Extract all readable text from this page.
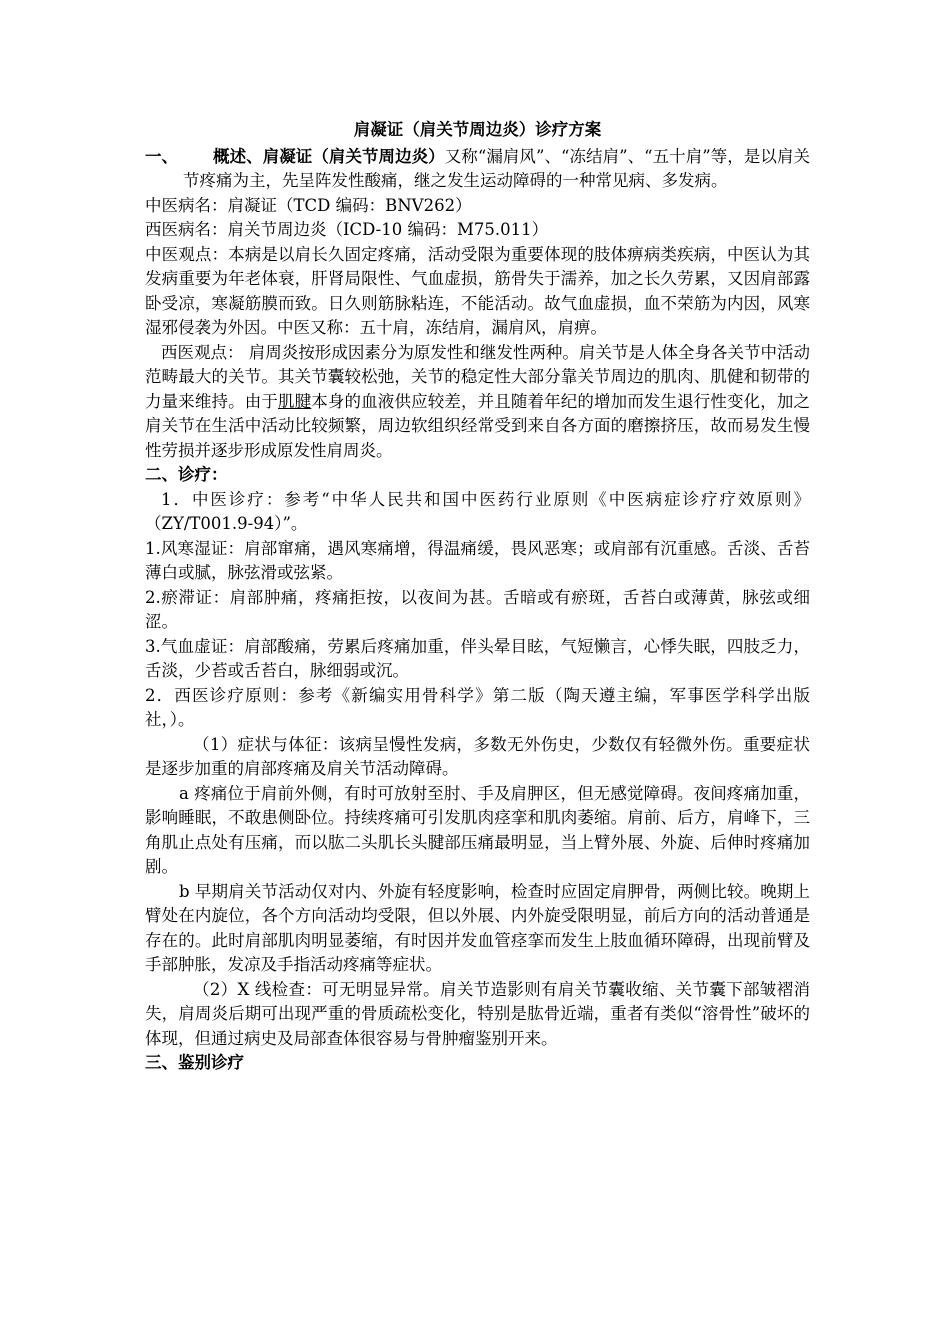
肩凝证（肩关节周边炎）诊疗方案

一、 概述、肩凝证（肩关节周边炎）又称“漏肩风”、“冻结肩”、“五十肩”等，是以肩关节疼痛为主，先呈阵发性酸痛，继之发生运动障碍的一种常见病、多发病。

中医病名：肩凝证（TCD 编码：BNV262）

西医病名：肩关节周边炎（ICD-10 编码：M75.011）

中医观点：本病是以肩长久固定疼痛，活动受限为重要体现的肢体痹病类疾病，中医认为其发病重要为年老体衰，肝肾局限性、气血虚损，筋骨失于濡养，加之长久劳累，又因肩部露卧受凉，寒凝筋膜而致。日久则筋脉粘连，不能活动。故气血虚损，血不荣筋为内因，风寒湿邪侵袭为外因。中医又称：五十肩，冻结肩，漏肩风，肩痹。

西医观点： 肩周炎按形成因素分为原发性和继发性两种。肩关节是人体全身各关节中活动范畴最大的关节。其关节囊较松弛，关节的稳定性大部分靠关节周边的肌肉、肌健和韧带的力量来维持。由于肌腱本身的血液供应较差，并且随着年纪的增加而发生退行性变化，加之肩关节在生活中活动比较频繁，周边软组织经常受到来自各方面的磨擦挤压，故而易发生慢性劳损并逐步形成原发性肩周炎。

二、诊疗：

1．中医诊疗：参考“中华人民共和国中医药行业原则《中医病症诊疗疗效原则》（ZY/T001.9-94）”。

1.风寒湿证：肩部窜痛，遇风寒痛增，得温痛缓，畏风恶寒；或肩部有沉重感。舌淡、舌苔薄白或腻，脉弦滑或弦紧。

2.瘀滞证：肩部肿痛，疼痛拒按，以夜间为甚。舌暗或有瘀斑，舌苔白或薄黄，脉弦或细涩。

3.气血虚证：肩部酸痛，劳累后疼痛加重，伴头晕目眩，气短懒言，心悸失眠，四肢乏力，舌淡，少苔或舌苔白，脉细弱或沉。

2．西医诊疗原则：参考《新编实用骨科学》第二版（陶天遵主编，军事医学科学出版社，）。

（1）症状与体征：该病呈慢性发病，多数无外伤史，少数仅有轻微外伤。重要症状是逐步加重的肩部疼痛及肩关节活动障碍。

a 疼痛位于肩前外侧，有时可放射至肘、手及肩胛区，但无感觉障碍。夜间疼痛加重，影响睡眠，不敢患侧卧位。持续疼痛可引发肌肉痉挛和肌肉萎缩。肩前、后方，肩峰下，三角肌止点处有压痛，而以肱二头肌长头腱部压痛最明显，当上臂外展、外旋、后伸时疼痛加剧。

b 早期肩关节活动仅对内、外旋有轻度影响，检查时应固定肩胛骨，两侧比较。晚期上臂处在内旋位，各个方向活动均受限，但以外展、内外旋受限明显，前后方向的活动普通是存在的。此时肩部肌肉明显萎缩，有时因并发血管痉挛而发生上肢血循环障碍，出现前臂及手部肿胀，发凉及手指活动疼痛等症状。

（2）X 线检查：可无明显异常。肩关节造影则有肩关节囊收缩、关节囊下部皱褶消失，肩周炎后期可出现严重的骨质疏松变化，特别是肱骨近端，重者有类似“溶骨性”破坏的体现，但通过病史及局部查体很容易与骨肿瘤鉴别开来。

三、鉴别诊疗
